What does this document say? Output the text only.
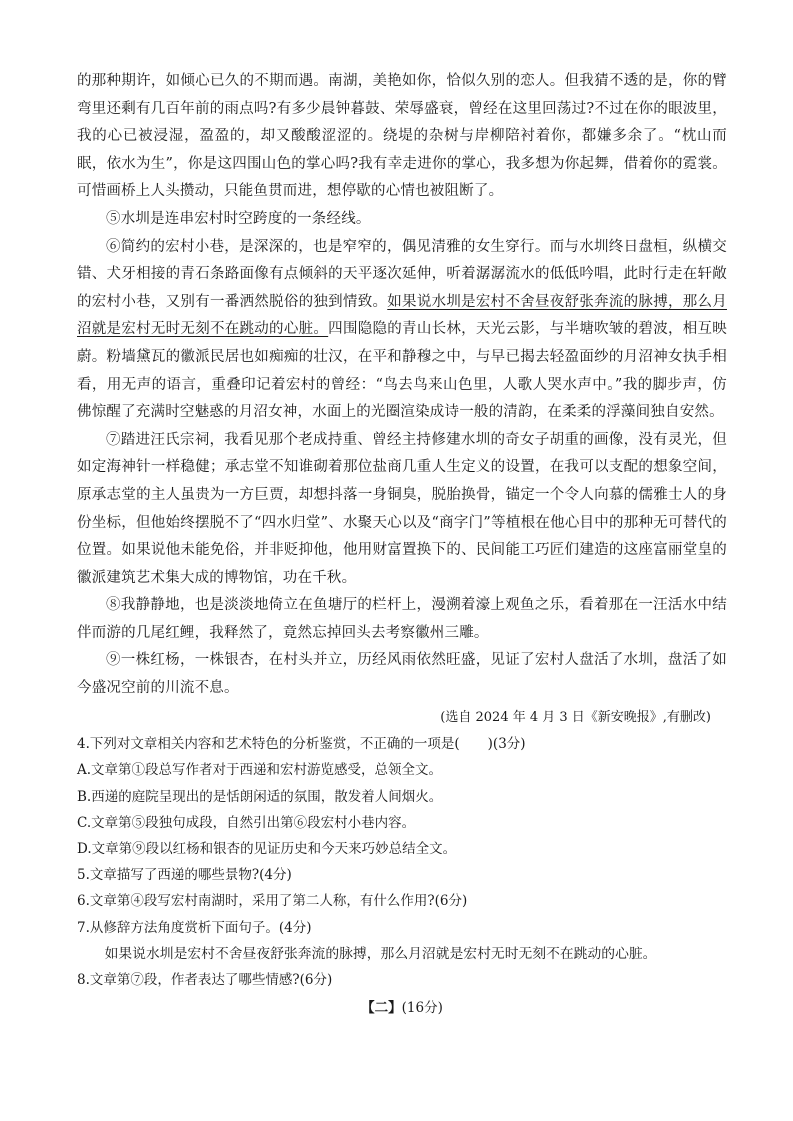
的那种期许，如倾心已久的不期而遇。南湖，美艳如你，恰似久别的恋人。但我猜不透的是，你的臂弯里还剩有几百年前的雨点吗?有多少晨钟暮鼓、荣辱盛衰，曾经在这里回荡过?不过在你的眼波里，我的心已被浸湿，盈盈的，却又酸酸涩涩的。绕堤的杂树与岸柳陪衬着你，都嫌多余了。“枕山而眠，依水为生”，你是这四围山色的掌心吗?我有幸走进你的掌心，我多想为你起舞，借着你的霓裳。可惜画桥上人头攒动，只能鱼贯而进，想停歇的心情也被阻断了。

⑤水圳是连串宏村时空跨度的一条经线。

⑥简约的宏村小巷，是深深的，也是窄窄的，偶见清雅的女生穿行。而与水圳终日盘桓，纵横交错、犬牙相接的青石条路面像有点倾斜的天平逐次延伸，听着潺潺流水的低低吟唱，此时行走在轩敞的宏村小巷，又别有一番洒然脱俗的独到情致。如果说水圳是宏村不舍昼夜舒张奔流的脉搏，那么月沼就是宏村无时无刻不在跳动的心脏。四围隐隐的青山长林，天光云影，与半塘吹皱的碧波，相互映蔚。粉墙黛瓦的徽派民居也如痴痴的壮汉，在平和静穆之中，与早已揭去轻盈面纱的月沼神女执手相看，用无声的语言，重叠印记着宏村的曾经：“鸟去鸟来山色里，人歌人哭水声中。”我的脚步声，仿佛惊醒了充满时空魅惑的月沼女神，水面上的光圈渲染成诗一般的清韵，在柔柔的浮藻间独自安然。

⑦踏进汪氏宗祠，我看见那个老成持重、曾经主持修建水圳的奇女子胡重的画像，没有灵光，但如定海神针一样稳健；承志堂不知谁砌着那位盐商几重人生定义的设置，在我可以支配的想象空间，原承志堂的主人虽贵为一方巨贾，却想抖落一身铜臭，脱胎换骨，锚定一个令人向慕的儒雅士人的身份坐标，但他始终摆脱不了“四水归堂”、水聚天心以及“商字门”等植根在他心目中的那种无可替代的位置。如果说他未能免俗，并非贬抑他，他用财富置换下的、民间能工巧匠们建造的这座富丽堂皇的徽派建筑艺术集大成的博物馆，功在千秋。

⑧我静静地，也是淡淡地倚立在鱼塘厅的栏杆上，漫溯着濠上观鱼之乐，看着那在一汪活水中结伴而游的几尾红鲤，我释然了，竟然忘掉回头去考察徽州三雕。

⑨一株红杨，一株银杏，在村头并立，历经风雨依然旺盛，见证了宏村人盘活了水圳，盘活了如今盛况空前的川流不息。

(选自 2024 年 4 月 3 日《新安晚报》,有删改)

4.下列对文章相关内容和艺术特色的分析鉴赏，不正确的一项是( )(3分)

A.文章第①段总写作者对于西递和宏村游览感受，总领全文。

B.西递的庭院呈现出的是恬朗闲适的氛围，散发着人间烟火。

C.文章第⑤段独句成段，自然引出第⑥段宏村小巷内容。

D.文章第⑨段以红杨和银杏的见证历史和今天来巧妙总结全文。

5.文章描写了西递的哪些景物?(4分)

6.文章第④段写宏村南湖时，采用了第二人称，有什么作用?(6分)

7.从修辞方法角度赏析下面句子。(4分)

如果说水圳是宏村不舍昼夜舒张奔流的脉搏，那么月沼就是宏村无时无刻不在跳动的心脏。

8.文章第⑦段，作者表达了哪些情感?(6分)

【二】(16分)
